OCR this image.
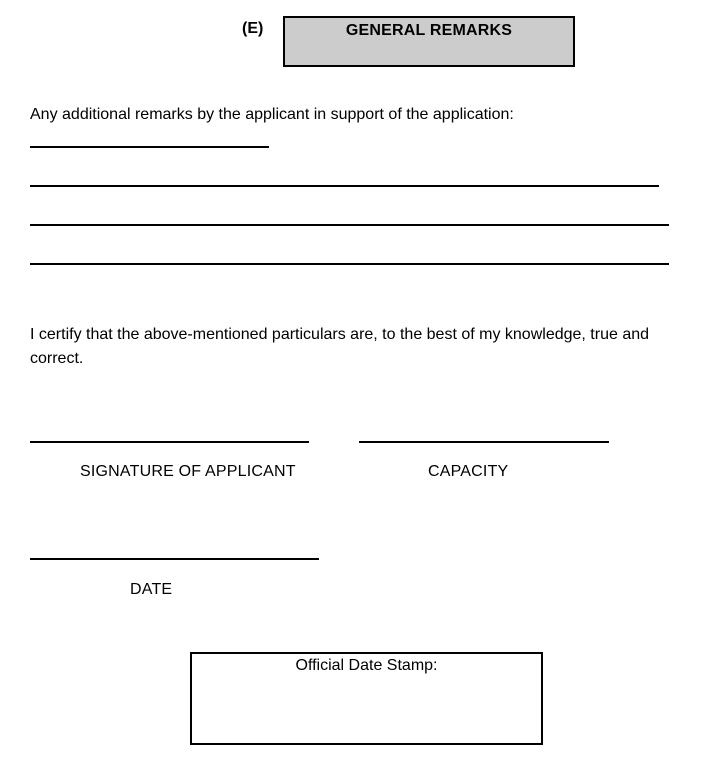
(E)	GENERAL REMARKS
Any additional remarks by the applicant in support of the application:
I certify that the above-mentioned particulars are, to the best of my knowledge, true and correct.
SIGNATURE OF APPLICANT	CAPACITY
DATE
Official Date Stamp:
